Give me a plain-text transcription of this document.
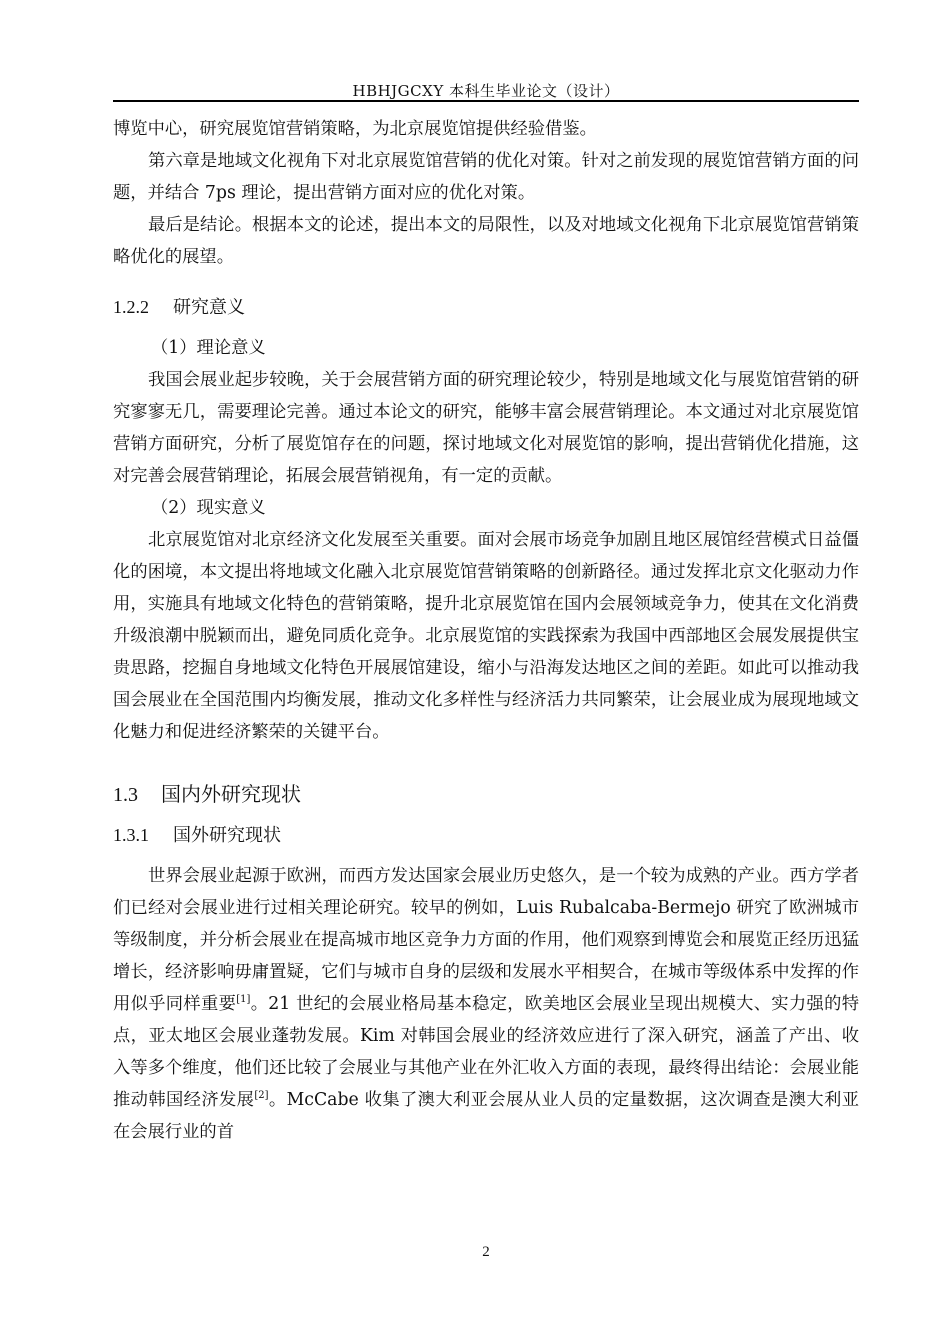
HBHJGCXY 本科生毕业论文（设计）

博览中心，研究展览馆营销策略，为北京展览馆提供经验借鉴。

第六章是地域文化视角下对北京展览馆营销的优化对策。针对之前发现的展览馆营销方面的问题，并结合 7ps 理论，提出营销方面对应的优化对策。

最后是结论。根据本文的论述，提出本文的局限性，以及对地域文化视角下北京展览馆营销策略优化的展望。

1.2.2 研究意义

（1）理论意义

我国会展业起步较晚，关于会展营销方面的研究理论较少，特别是地域文化与展览馆营销的研究寥寥无几，需要理论完善。通过本论文的研究，能够丰富会展营销理论。本文通过对北京展览馆营销方面研究，分析了展览馆存在的问题，探讨地域文化对展览馆的影响，提出营销优化措施，这对完善会展营销理论，拓展会展营销视角，有一定的贡献。

（2）现实意义

北京展览馆对北京经济文化发展至关重要。面对会展市场竞争加剧且地区展馆经营模式日益僵化的困境，本文提出将地域文化融入北京展览馆营销策略的创新路径。通过发挥北京文化驱动力作用，实施具有地域文化特色的营销策略，提升北京展览馆在国内会展领域竞争力，使其在文化消费升级浪潮中脱颖而出，避免同质化竞争。北京展览馆的实践探索为我国中西部地区会展发展提供宝贵思路，挖掘自身地域文化特色开展展馆建设，缩小与沿海发达地区之间的差距。如此可以推动我国会展业在全国范围内均衡发展，推动文化多样性与经济活力共同繁荣，让会展业成为展现地域文化魅力和促进经济繁荣的关键平台。

1.3 国内外研究现状
1.3.1 国外研究现状

世界会展业起源于欧洲，而西方发达国家会展业历史悠久，是一个较为成熟的产业。西方学者们已经对会展业进行过相关理论研究。较早的例如，Luis Rubalcaba-Bermejo 研究了欧洲城市等级制度，并分析会展业在提高城市地区竞争力方面的作用，他们观察到博览会和展览正经历迅猛增长，经济影响毋庸置疑，它们与城市自身的层级和发展水平相契合，在城市等级体系中发挥的作用似乎同样重要[1]。21 世纪的会展业格局基本稳定，欧美地区会展业呈现出规模大、实力强的特点，亚太地区会展业蓬勃发展。Kim 对韩国会展业的经济效应进行了深入研究，涵盖了产出、收入等多个维度，他们还比较了会展业与其他产业在外汇收入方面的表现，最终得出结论：会展业能推动韩国经济发展[2]。McCabe 收集了澳大利亚会展从业人员的定量数据，这次调查是澳大利亚在会展行业的首

2
